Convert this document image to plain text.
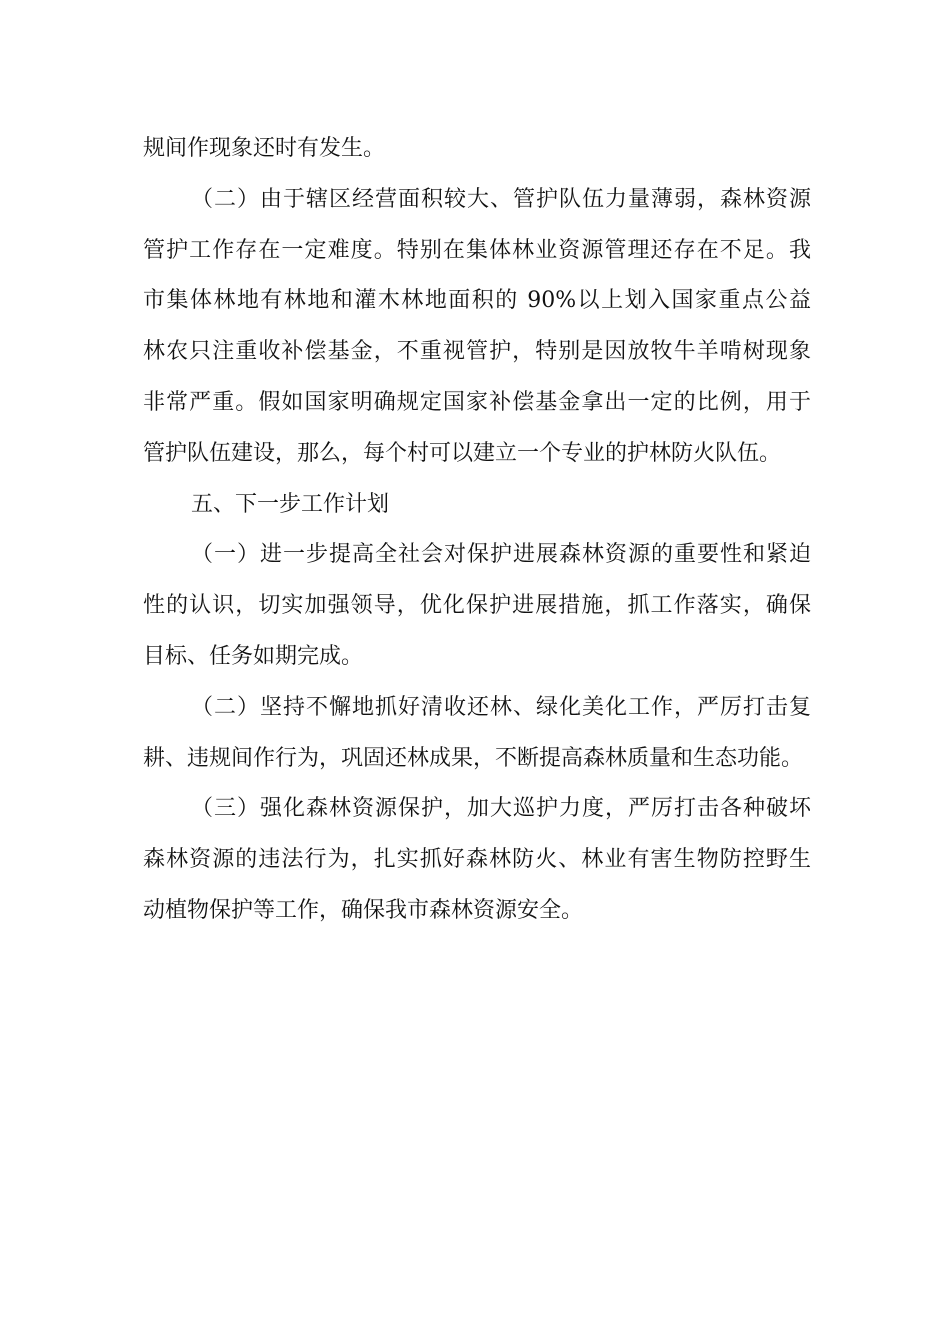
规间作现象还时有发生。
（二）由于辖区经营面积较大、管护队伍力量薄弱，森林资源
管护工作存在一定难度。特别在集体林业资源管理还存在不足。我
市集体林地有林地和灌木林地面积的 90%以上划入国家重点公益
林农只注重收补偿基金，不重视管护，特别是因放牧牛羊啃树现象
非常严重。假如国家明确规定国家补偿基金拿出一定的比例，用于
管护队伍建设，那么，每个村可以建立一个专业的护林防火队伍。
五、下一步工作计划
（一）进一步提高全社会对保护进展森林资源的重要性和紧迫
性的认识，切实加强领导，优化保护进展措施，抓工作落实，确保
目标、任务如期完成。
（二）坚持不懈地抓好清收还林、绿化美化工作，严厉打击复
耕、违规间作行为，巩固还林成果，不断提高森林质量和生态功能。
（三）强化森林资源保护，加大巡护力度，严厉打击各种破坏
森林资源的违法行为，扎实抓好森林防火、林业有害生物防控野生
动植物保护等工作，确保我市森林资源安全。
